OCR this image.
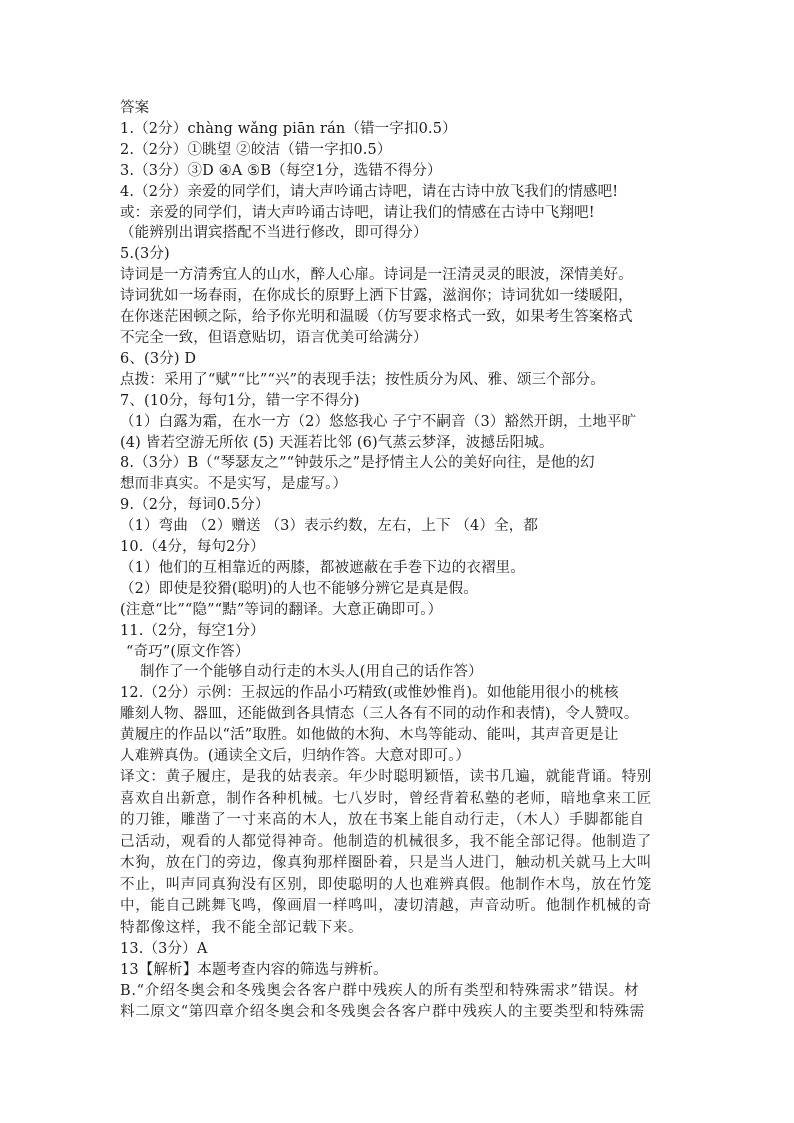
答案
1.（2分）chàng wǎng piān rán（错一字扣0.5）
2.（2分）①眺望 ②皎洁（错一字扣0.5）
3.（3分）③D ④A ⑤B（每空1分，选错不得分）
4.（2分）亲爱的同学们，请大声吟诵古诗吧，请在古诗中放飞我们的情感吧!
或：亲爱的同学们，请大声吟诵古诗吧，请让我们的情感在古诗中飞翔吧!
（能辨别出谓宾搭配不当进行修改，即可得分）
5.(3分)
诗词是一方清秀宜人的山水，醉人心扉。诗词是一汪清灵灵的眼波，深情美好。
诗词犹如一场春雨，在你成长的原野上洒下甘露，滋润你；诗词犹如一缕暖阳，
在你迷茫困顿之际，给予你光明和温暖（仿写要求格式一致，如果考生答案格式
不完全一致，但语意贴切，语言优美可给满分）
6、(3分) D
点拨：采用了“赋”“比”“兴”的表现手法；按性质分为风、雅、颂三个部分。
7、(10分，每句1分，错一字不得分)
（1）白露为霜，在水一方（2）悠悠我心 子宁不嗣音（3）豁然开朗，土地平旷
(4) 皆若空游无所依 (5) 天涯若比邻 (6)气蒸云梦泽，波撼岳阳城。
8.（3分）B（“琴瑟友之”“钟鼓乐之”是抒情主人公的美好向往，是他的幻
想而非真实。不是实写，是虚写。）
9.（2分，每词0.5分）
（1）弯曲 （2）赠送 （3）表示约数，左右，上下 （4）全，都
10.（4分，每句2分）
（1）他们的互相靠近的两膝，都被遮蔽在手巻下边的衣褶里。
（2）即使是狡猾(聪明)的人也不能够分辨它是真是假。
(注意“比”“隐”“黠”等词的翻译。大意正确即可。）
11.（2分，每空1分）
“奇巧”(原文作答）
制作了一个能够自动行走的木头人(用自己的话作答）
12.（2分）示例：王叔远的作品小巧精致(或惟妙惟肖)。如他能用很小的桃核
雕刻人物、器皿，还能做到各具情态（三人各有不同的动作和表情)，令人赞叹。
黄履庄的作品以“活”取胜。如他做的木狗、木鸟等能动、能叫，其声音更是让
人难辨真伪。(通读全文后，归纳作答。大意对即可。）
译文：黄子履庄，是我的姑表亲。年少时聪明颖悟，读书几遍，就能背诵。特别
喜欢自出新意，制作各种机械。七八岁时，曾经背着私塾的老师，暗地拿来工匠
的刀锥，雕凿了一寸来高的木人，放在书案上能自动行走，（木人）手脚都能自
己活动，观看的人都觉得神奇。他制造的机械很多，我不能全部记得。他制造了
木狗，放在门的旁边，像真狗那样圈卧着，只是当人进门，触动机关就马上大叫
不止，叫声同真狗没有区别，即使聪明的人也难辨真假。他制作木鸟，放在竹笼
中，能自己跳舞飞鸣，像画眉一样鸣叫，凄切清越，声音动听。他制作机械的奇
特都像这样，我不能全部记载下来。
13.（3分）A
13【解析】本题考查内容的筛选与辨析。
B.“介绍冬奥会和冬残奥会各客户群中残疾人的所有类型和特殊需求”错误。材
料二原文“第四章介绍冬奥会和冬残奥会各客户群中残疾人的主要类型和特殊需
